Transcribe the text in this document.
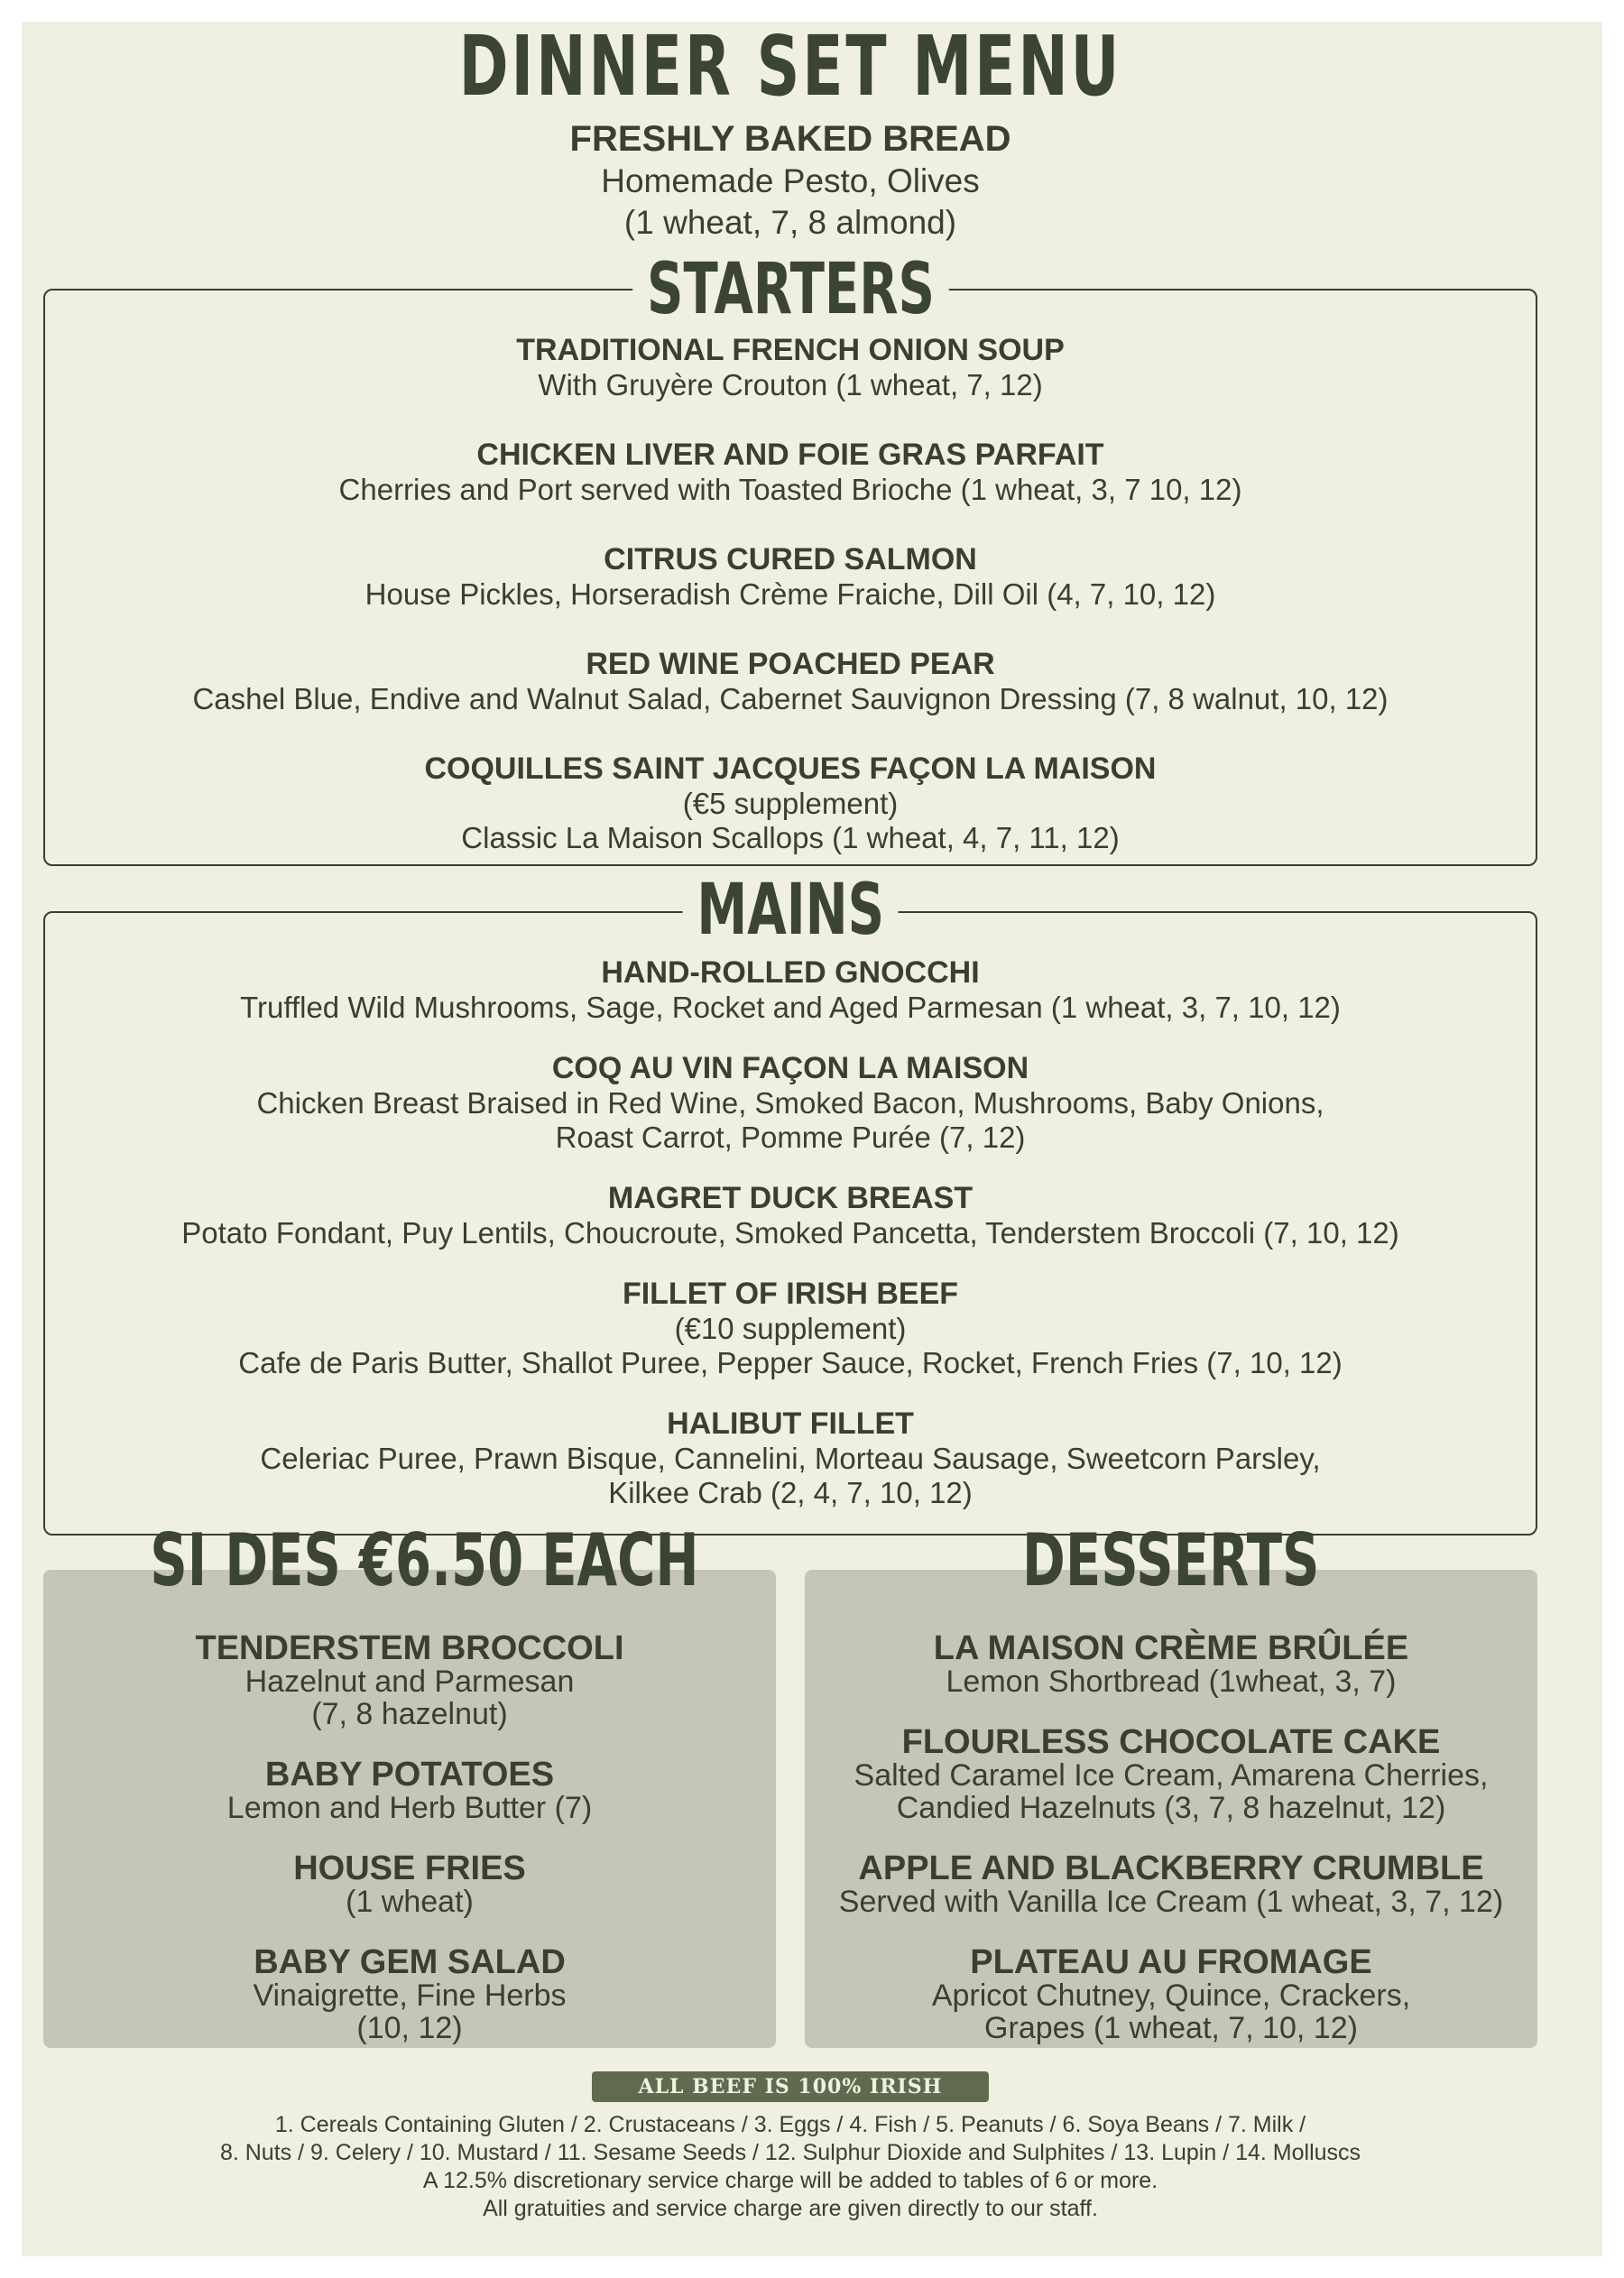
DINNER SET MENU
FRESHLY BAKED BREAD
Homemade Pesto, Olives
(1 wheat, 7, 8 almond)
STARTERS
TRADITIONAL FRENCH ONION SOUP
With Gruyère Crouton (1 wheat, 7, 12)
CHICKEN LIVER AND FOIE GRAS PARFAIT
Cherries and Port served with Toasted Brioche (1 wheat, 3, 7 10, 12)
CITRUS CURED SALMON
House Pickles, Horseradish Crème Fraiche, Dill Oil (4, 7, 10, 12)
RED WINE POACHED PEAR
Cashel Blue, Endive and Walnut Salad, Cabernet Sauvignon Dressing (7, 8 walnut, 10, 12)
COQUILLES SAINT JACQUES FAÇON LA MAISON
(€5 supplement)
Classic La Maison Scallops (1 wheat, 4, 7, 11, 12)
MAINS
HAND-ROLLED GNOCCHI
Truffled Wild Mushrooms, Sage, Rocket and Aged Parmesan (1 wheat, 3, 7, 10, 12)
COQ AU VIN FAÇON LA MAISON
Chicken Breast Braised in Red Wine, Smoked Bacon, Mushrooms, Baby Onions,
Roast Carrot, Pomme Purée (7, 12)
MAGRET DUCK BREAST
Potato Fondant, Puy Lentils, Choucroute, Smoked Pancetta, Tenderstem Broccoli (7, 10, 12)
FILLET OF IRISH BEEF
(€10 supplement)
Cafe de Paris Butter, Shallot Puree, Pepper Sauce, Rocket, French Fries (7, 10, 12)
HALIBUT FILLET
Celeriac Puree, Prawn Bisque, Cannelini, Morteau Sausage, Sweetcorn Parsley,
Kilkee Crab (2, 4, 7, 10, 12)
SI DES €6.50 EACH
TENDERSTEM BROCCOLI
Hazelnut and Parmesan
(7, 8 hazelnut)
BABY POTATOES
Lemon and Herb Butter (7)
HOUSE FRIES
(1 wheat)
BABY GEM SALAD
Vinaigrette, Fine Herbs
(10, 12)
DESSERTS
LA MAISON CRÈME BRÛLÉE
Lemon Shortbread (1wheat, 3, 7)
FLOURLESS CHOCOLATE CAKE
Salted Caramel Ice Cream, Amarena Cherries,
Candied Hazelnuts (3, 7, 8 hazelnut, 12)
APPLE AND BLACKBERRY CRUMBLE
Served with Vanilla Ice Cream (1 wheat, 3, 7, 12)
PLATEAU AU FROMAGE
Apricot Chutney, Quince, Crackers,
Grapes (1 wheat, 7, 10, 12)
ALL BEEF IS 100% IRISH
1. Cereals Containing Gluten / 2. Crustaceans / 3. Eggs / 4. Fish / 5. Peanuts / 6. Soya Beans / 7. Milk /
8. Nuts / 9. Celery / 10. Mustard / 11. Sesame Seeds / 12. Sulphur Dioxide and Sulphites / 13. Lupin / 14. Molluscs
A 12.5% discretionary service charge will be added to tables of 6 or more.
All gratuities and service charge are given directly to our staff.
